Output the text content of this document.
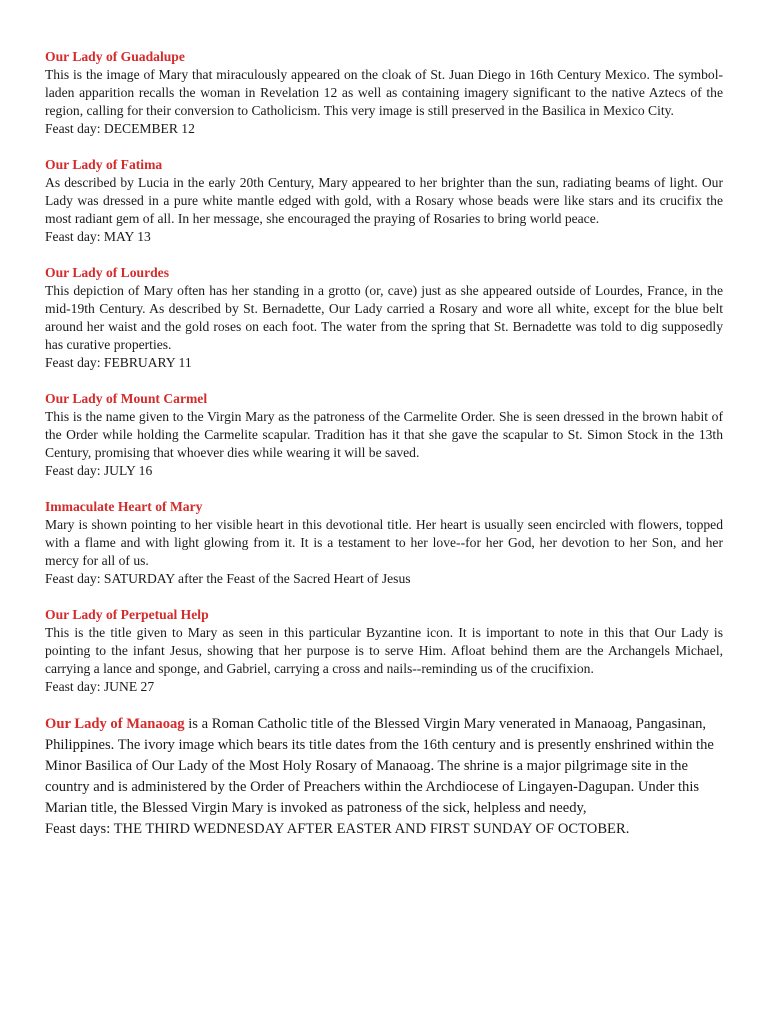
Our Lady of Guadalupe
This is the image of Mary that miraculously appeared on the cloak of St. Juan Diego in 16th Century Mexico. The symbol-laden apparition recalls the woman in Revelation 12 as well as containing imagery significant to the native Aztecs of the region, calling for their conversion to Catholicism. This very image is still preserved in the Basilica in Mexico City.
Feast day: DECEMBER 12
Our Lady of Fatima
As described by Lucia in the early 20th Century, Mary appeared to her brighter than the sun, radiating beams of light. Our Lady was dressed in a pure white mantle edged with gold, with a Rosary whose beads were like stars and its crucifix the most radiant gem of all. In her message, she encouraged the praying of Rosaries to bring world peace.
Feast day: MAY 13
Our Lady of Lourdes
This depiction of Mary often has her standing in a grotto (or, cave) just as she appeared outside of Lourdes, France, in the mid-19th Century. As described by St. Bernadette, Our Lady carried a Rosary and wore all white, except for the blue belt around her waist and the gold roses on each foot. The water from the spring that St. Bernadette was told to dig supposedly has curative properties.
Feast day: FEBRUARY 11
Our Lady of Mount Carmel
This is the name given to the Virgin Mary as the patroness of the Carmelite Order. She is seen dressed in the brown habit of the Order while holding the Carmelite scapular. Tradition has it that she gave the scapular to St. Simon Stock in the 13th Century, promising that whoever dies while wearing it will be saved.
Feast day: JULY 16
Immaculate Heart of Mary
Mary is shown pointing to her visible heart in this devotional title. Her heart is usually seen encircled with flowers, topped with a flame and with light glowing from it. It is a testament to her love--for her God, her devotion to her Son, and her mercy for all of us.
Feast day: SATURDAY after the Feast of the Sacred Heart of Jesus
Our Lady of Perpetual Help
This is the title given to Mary as seen in this particular Byzantine icon. It is important to note in this that Our Lady is pointing to the infant Jesus, showing that her purpose is to serve Him. Afloat behind them are the Archangels Michael, carrying a lance and sponge, and Gabriel, carrying a cross and nails--reminding us of the crucifixion.
Feast day: JUNE 27
Our Lady of Manaoag is a Roman Catholic title of the Blessed Virgin Mary venerated in Manaoag, Pangasinan, Philippines. The ivory image which bears its title dates from the 16th century and is presently enshrined within the Minor Basilica of Our Lady of the Most Holy Rosary of Manaoag. The shrine is a major pilgrimage site in the country and is administered by the Order of Preachers within the Archdiocese of Lingayen-Dagupan. Under this Marian title, the Blessed Virgin Mary is invoked as patroness of the sick, helpless and needy,
Feast days: THE THIRD WEDNESDAY AFTER EASTER AND FIRST SUNDAY OF OCTOBER.
